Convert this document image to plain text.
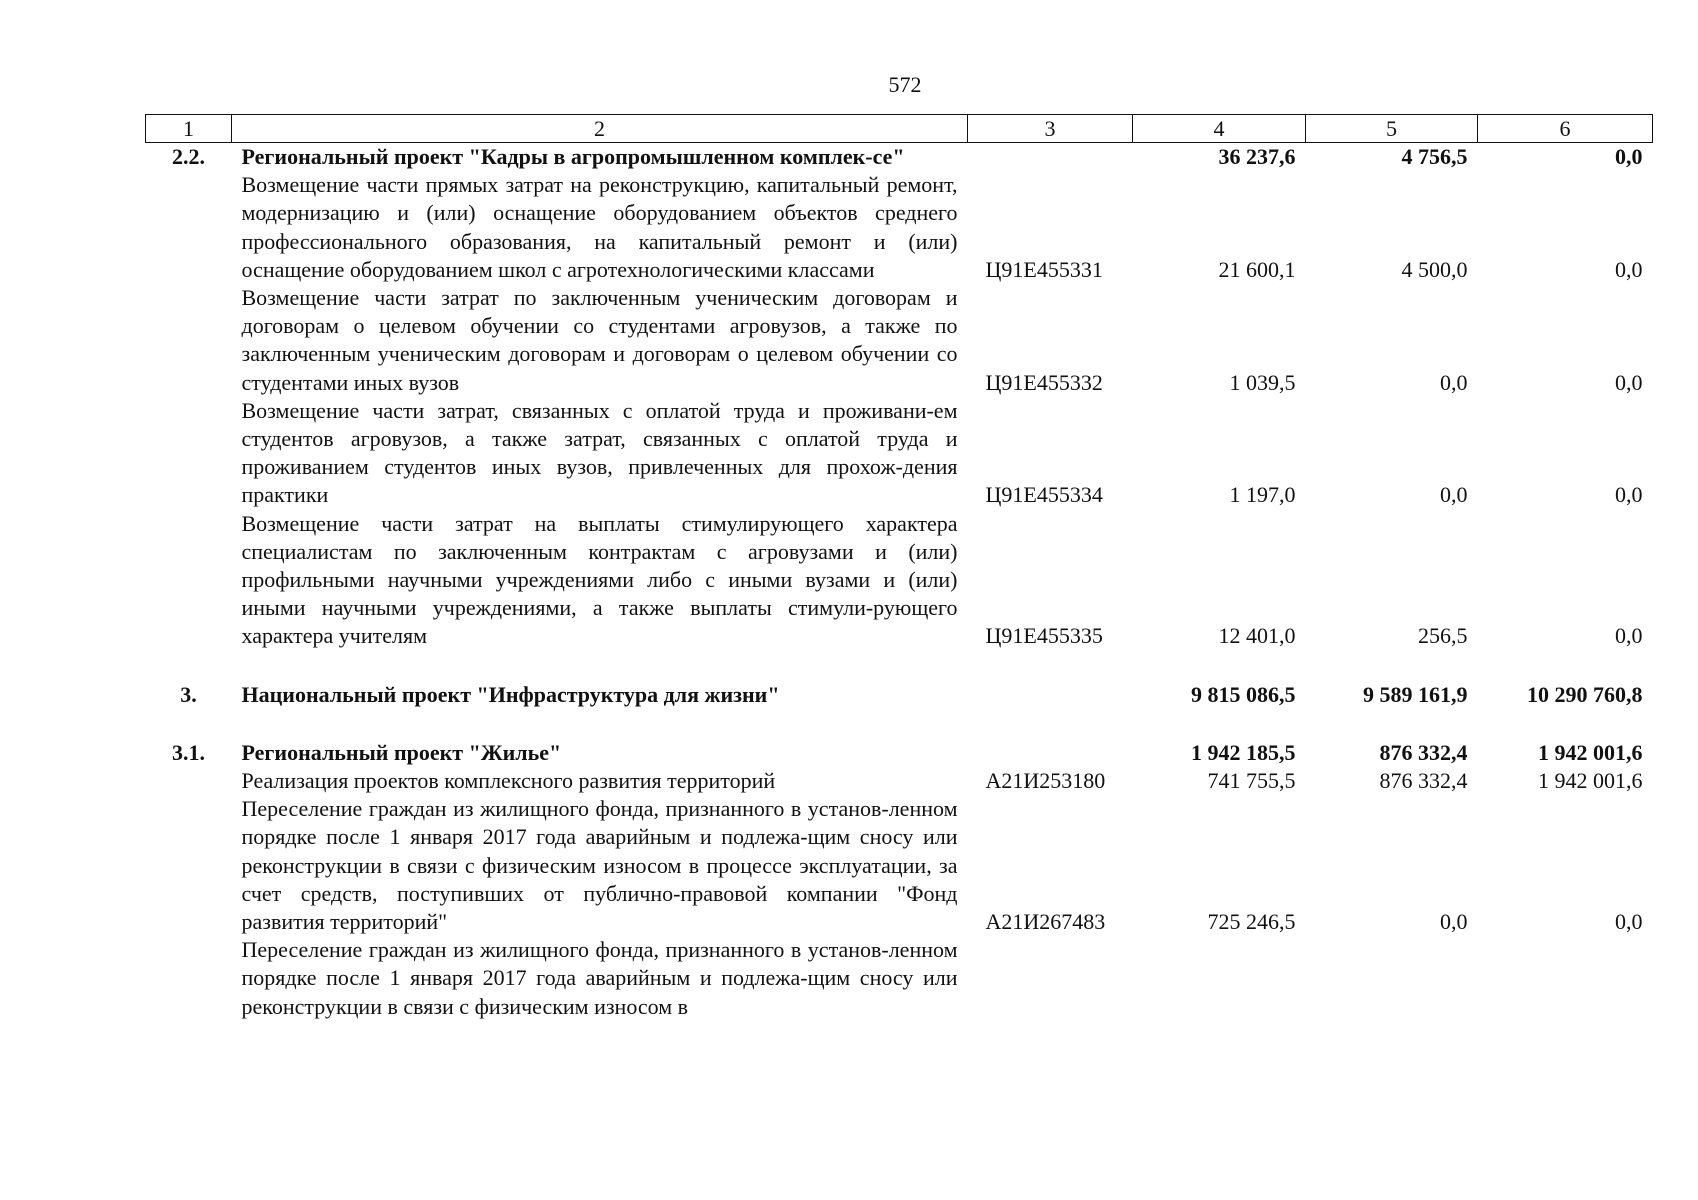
572
1	2	3	4	5	6
2.2.	Региональный проект "Кадры в агропромышленном комплек-се"		36 237,6	4 756,5	0,0
	Возмещение части прямых затрат на реконструкцию, капитальный ремонт, модернизацию и (или) оснащение оборудованием объектов среднего профессионального образования, на капитальный ремонт и (или) оснащение оборудованием школ с агротехнологическими классами	Ц91Е455331	21 600,1	4 500,0	0,0
	Возмещение части затрат по заключенным ученическим договорам и договорам о целевом обучении со студентами агровузов, а также по заключенным ученическим договорам и договорам о целевом обучении со студентами иных вузов	Ц91Е455332	1 039,5	0,0	0,0
	Возмещение части затрат, связанных с оплатой труда и проживани-ем студентов агровузов, а также затрат, связанных с оплатой труда и проживанием студентов иных вузов, привлеченных для прохож-дения практики	Ц91Е455334	1 197,0	0,0	0,0
	Возмещение части затрат на выплаты стимулирующего характера специалистам по заключенным контрактам с агровузами и (или) профильными научными учреждениями либо с иными вузами и (или) иными научными учреждениями, а также выплаты стимули-рующего характера учителям	Ц91Е455335	12 401,0	256,5	0,0

3.	Национальный проект "Инфраструктура для жизни"		9 815 086,5	9 589 161,9	10 290 760,8

3.1.	Региональный проект "Жилье"		1 942 185,5	876 332,4	1 942 001,6
	Реализация проектов комплексного развития территорий	А21И253180	741 755,5	876 332,4	1 942 001,6
	Переселение граждан из жилищного фонда, признанного в установ-ленном порядке после 1 января 2017 года аварийным и подлежа-щим сносу или реконструкции в связи с физическим износом в процессе эксплуатации, за счет средств, поступивших от публично-правовой компании "Фонд развития территорий"	А21И267483	725 246,5	0,0	0,0
	Переселение граждан из жилищного фонда, признанного в установ-ленном порядке после 1 января 2017 года аварийным и подлежа-щим сносу или реконструкции в связи с физическим износом в				
